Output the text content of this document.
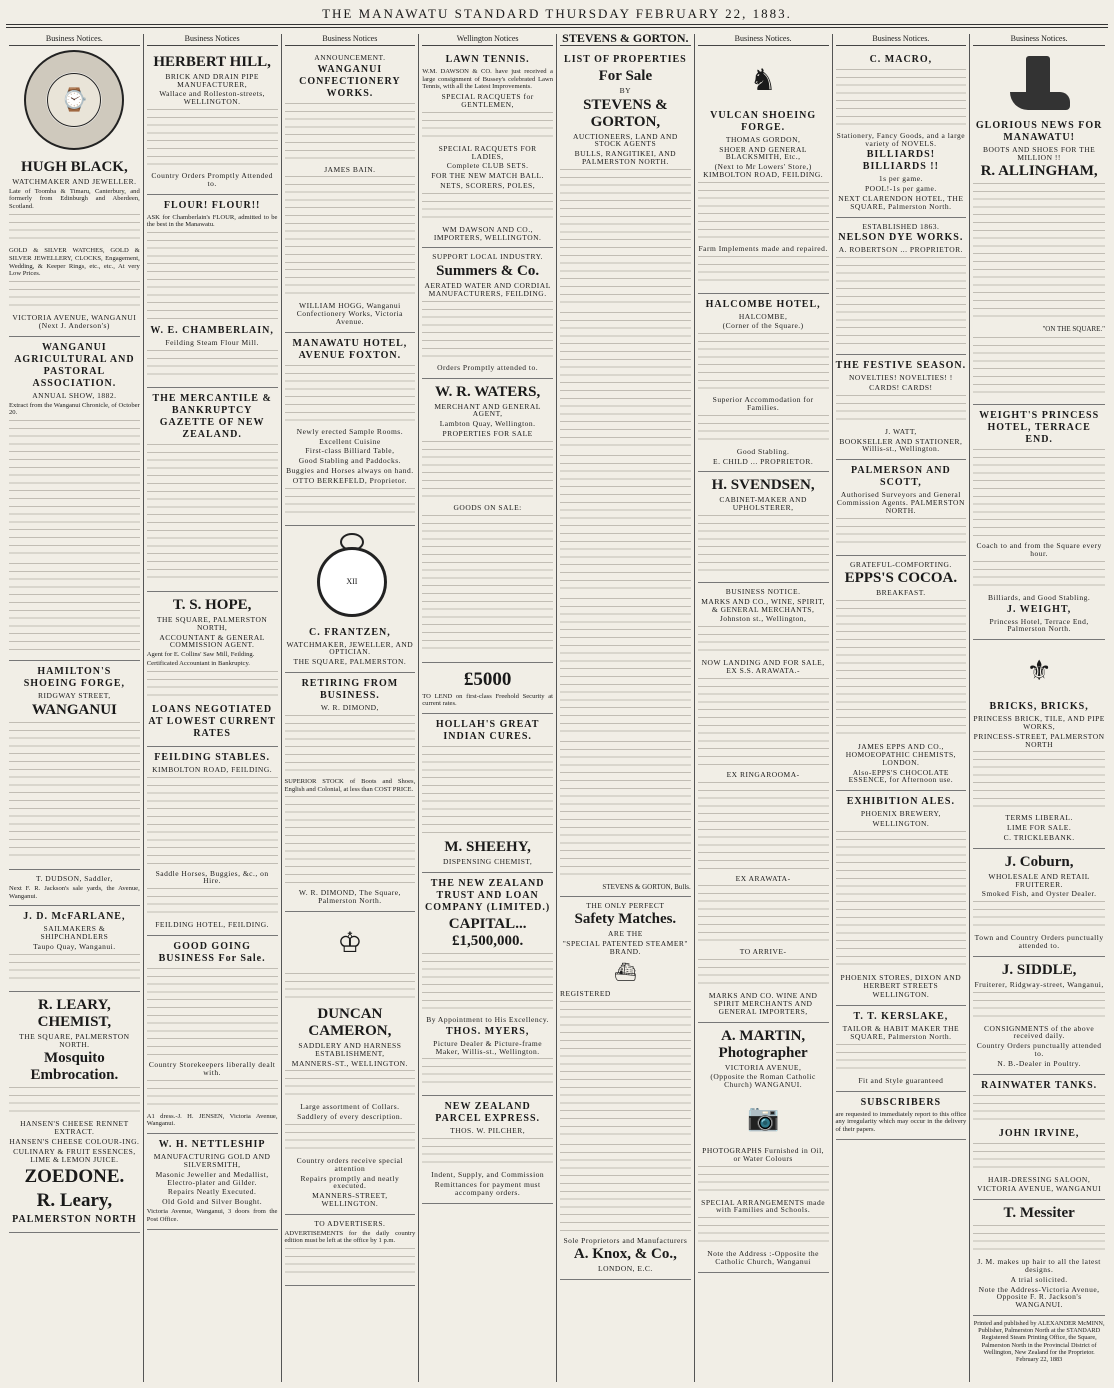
THE MANAWATU STANDARD THURSDAY FEBRUARY 22, 1883.
Business Notices.
⌚
HUGH BLACK,
WATCHMAKER AND JEWELLER.

Late of Toomba & Timaru, Canterbury, and formerly from Edinburgh and Aberdeen, Scotland.

GOLD & SILVER WATCHES, GOLD & SILVER JEWELLERY, CLOCKS, Engagement, Wedding, & Keeper Rings, etc., etc., At very Low Prices.

VICTORIA AVENUE, WANGANUI (Next J. Anderson's)
WANGANUI AGRICULTURAL AND PASTORAL ASSOCIATION.
ANNUAL SHOW, 1882.

Extract from the Wanganui Chronicle, of October 20.

HAMILTON'S SHOEING FORGE,
RIDGWAY STREET,
WANGANUI
T. DUDSON, Saddler,

Next F. R. Jackson's sale yards, the Avenue, Wanganui.

J. D. McFARLANE,
SAILMAKERS & SHIPCHANDLERS
Taupo Quay, Wanganui.
R. LEARY, CHEMIST,
THE SQUARE, PALMERSTON NORTH.
Mosquito Embrocation.
HANSEN'S CHEESE RENNET EXTRACT.
HANSEN'S CHEESE COLOUR-ING.
CULINARY & FRUIT ESSENCES, LIME & LEMON JUICE.
ZOEDONE.
R. Leary,
PALMERSTON NORTH
Business Notices
HERBERT HILL,
BRICK AND DRAIN PIPE MANUFACTURER,
Wallace and Rolleston-streets, WELLINGTON.
Country Orders Promptly Attended to.
FLOUR! FLOUR!!

ASK for Chamberlain's FLOUR, admitted to be the best in the Manawatu.

W. E. CHAMBERLAIN,
Feilding Steam Flour Mill.
THE MERCANTILE & BANKRUPTCY GAZETTE OF NEW ZEALAND.
T. S. HOPE,
THE SQUARE, PALMERSTON NORTH,
ACCOUNTANT & GENERAL COMMISSION AGENT.

Agent for E. Collins' Saw Mill, Feilding.

Certificated Accountant in Bankruptcy.

LOANS NEGOTIATED AT LOWEST CURRENT RATES
FEILDING STABLES.
KIMBOLTON ROAD, FEILDING.
Saddle Horses, Buggies, &c., on Hire.
FEILDING HOTEL, FEILDING.
GOOD GOING BUSINESS For Sale.
Country Storekeepers liberally dealt with.

A1 dress.-J. H. JENSEN, Victoria Avenue, Wanganui.

W. H. NETTLESHIP
MANUFACTURING GOLD AND SILVERSMITH,
Masonic Jeweller and Medallist, Electro-plater and Gilder.
Repairs Neatly Executed.
Old Gold and Silver Bought.

Victoria Avenue, Wanganui, 3 doors from the Post Office.

Business Notices
ANNOUNCEMENT.
WANGANUI CONFECTIONERY WORKS.
JAMES BAIN.
WILLIAM HOGG, Wanganui Confectionery Works, Victoria Avenue.
MANAWATU HOTEL, AVENUE FOXTON.
Newly erected Sample Rooms.
Excellent Cuisine
First-class Billiard Table,
Good Stabling and Paddocks.
Buggies and Horses always on hand.
OTTO BERKEFELD, Proprietor.
XII
C. FRANTZEN,
WATCHMAKER, JEWELLER, AND OPTICIAN.
THE SQUARE, PALMERSTON.
RETIRING FROM BUSINESS.
W. R. DIMOND,

SUPERIOR STOCK of Boots and Shoes, English and Colonial, at less than COST PRICE.

W. R. DIMOND, The Square, Palmerston North.
♔
DUNCAN CAMERON,
SADDLERY AND HARNESS ESTABLISHMENT,
MANNERS-ST., WELLINGTON.
Large assortment of Collars.
Saddlery of every description.
Country orders receive special attention
Repairs promptly and neatly executed.
MANNERS-STREET, WELLINGTON.
TO ADVERTISERS.

ADVERTISEMENTS for the daily country edition must be left at the office by 1 p.m.

Wellington Notices
LAWN TENNIS.

W.M. DAWSON & CO. have just received a large consignment of Bussey's celebrated Lawn Tennis, with all the Latest Improvements.

SPECIAL RACQUETS for GENTLEMEN,
SPECIAL RACQUETS FOR LADIES,
Complete CLUB SETS.
FOR THE NEW MATCH BALL.
NETS, SCORERS, POLES,
WM DAWSON AND CO., IMPORTERS, WELLINGTON.
SUPPORT LOCAL INDUSTRY.
Summers & Co.
AERATED WATER AND CORDIAL MANUFACTURERS, FEILDING.
Orders Promptly attended to.
W. R. WATERS,
MERCHANT AND GENERAL AGENT,
Lambton Quay, Wellington.
PROPERTIES FOR SALE
GOODS ON SALE:
£5000

TO LEND on first-class Freehold Security at current rates.

HOLLAH'S GREAT INDIAN CURES.
M. SHEEHY,
DISPENSING CHEMIST,
THE NEW ZEALAND TRUST AND LOAN COMPANY (LIMITED.)
CAPITAL...£1,500,000.
By Appointment to His Excellency.
THOS. MYERS,
Picture Dealer & Picture-frame Maker, Willis-st., Wellington.
NEW ZEALAND PARCEL EXPRESS.
THOS. W. PILCHER,
Indent, Supply, and Commission
Remittances for payment must accompany orders.
STEVENS & GORTON.
LIST OF PROPERTIES
For Sale
BY
STEVENS & GORTON,
AUCTIONEERS, LAND AND STOCK AGENTS
BULLS, RANGITIKEI, AND PALMERSTON NORTH.
STEVENS & GORTON, Bulls.
THE ONLY PERFECT
Safety Matches.
ARE THE
"SPECIAL PATENTED STEAMER" BRAND.
⛴
REGISTERED
Sole Proprietors and Manufacturers
A. Knox, & Co.,
LONDON, E.C.
Business Notices.
♞
VULCAN SHOEING FORGE.
THOMAS GORDON,
SHOER AND GENERAL BLACKSMITH, Etc.,
(Next to Mr Lowers' Store,) KIMBOLTON ROAD, FEILDING.
Farm Implements made and repaired.
HALCOMBE HOTEL,
HALCOMBE,
(Corner of the Square.)
Superior Accommodation for Families.
Good Stabling.
E. CHILD ... PROPRIETOR.
H. SVENDSEN,
CABINET-MAKER AND UPHOLSTERER,
BUSINESS NOTICE.
MARKS AND CO., WINE, SPIRIT, & GENERAL MERCHANTS,
Johnston st., Wellington,
NOW LANDING AND FOR SALE, EX S.S. ARAWATA.-
EX RINGAROOMA-
EX ARAWATA-
TO ARRIVE-
MARKS AND CO. WINE AND SPIRIT MERCHANTS AND GENERAL IMPORTERS,
A. MARTIN, Photographer
VICTORIA AVENUE,
(Opposite the Roman Catholic Church) WANGANUI.
📷
PHOTOGRAPHS Furnished in Oil, or Water Colours
SPECIAL ARRANGEMENTS made with Families and Schools.
Note the Address :-Opposite the Catholic Church, Wanganui
Business Notices.
C. MACRO,
Stationery, Fancy Goods, and a large variety of NOVELS.
BILLIARDS! BILLIARDS !!
1s per game.
POOL!-1s per game.
NEXT CLARENDON HOTEL, THE SQUARE, Palmerston North.
ESTABLISHED 1863.
NELSON DYE WORKS.
A. ROBERTSON ... PROPRIETOR.
THE FESTIVE SEASON.
NOVELTIES! NOVELTIES! !
CARDS! CARDS!
J. WATT,
BOOKSELLER AND STATIONER, Willis-st., Wellington.
PALMERSON AND SCOTT,
Authorised Surveyors and General Commission Agents. PALMERSTON NORTH.
GRATEFUL-COMFORTING.
EPPS'S COCOA.
BREAKFAST.
JAMES EPPS AND CO., HOMOEOPATHIC CHEMISTS, LONDON.
Also-EPPS'S CHOCOLATE ESSENCE, for Afternoon use.
EXHIBITION ALES.
PHOENIX BREWERY,
WELLINGTON.
PHOENIX STORES, DIXON AND HERBERT STREETS
WELLINGTON.
T. T. KERSLAKE,
TAILOR & HABIT MAKER THE SQUARE, Palmerston North.
Fit and Style guaranteed
SUBSCRIBERS

are requested to immediately report to this office any irregularity which may occur in the delivery of their papers.

Business Notices.
GLORIOUS NEWS FOR MANAWATU!
BOOTS AND SHOES FOR THE MILLION !!
R. ALLINGHAM,
"ON THE SQUARE."
WEIGHT'S PRINCESS HOTEL, TERRACE END.
Coach to and from the Square every hour.
Billiards, and Good Stabling.
J. WEIGHT,
Princess Hotel, Terrace End, Palmerston North.
⚜
BRICKS, BRICKS,
PRINCESS BRICK, TILE, AND PIPE WORKS,
PRINCESS-STREET, PALMERSTON NORTH
TERMS LIBERAL.
LIME FOR SALE.
C. TRICKLEBANK.
J. Coburn,
WHOLESALE AND RETAIL FRUITERER.
Smoked Fish, and Oyster Dealer.
Town and Country Orders punctually attended to.
J. SIDDLE,
Fruiterer, Ridgway-street, Wanganui,
CONSIGNMENTS of the above received daily.
Country Orders punctually attended to.
N. B.-Dealer in Poultry.
RAINWATER TANKS.
JOHN IRVINE,
HAIR-DRESSING SALOON,
VICTORIA AVENUE, WANGANUI
T. Messiter
J. M. makes up hair to all the latest designs.
A trial solicited.
Note the Address-Victoria Avenue, Opposite F. R. Jackson's WANGANUI.
Printed and published by ALEXANDER McMINN, Publisher, Palmerston North at the STANDARD Registered Steam Printing Office, the Square, Palmerston North in the Provincial District of Wellington, New Zealand for the Proprietor. February 22, 1883
